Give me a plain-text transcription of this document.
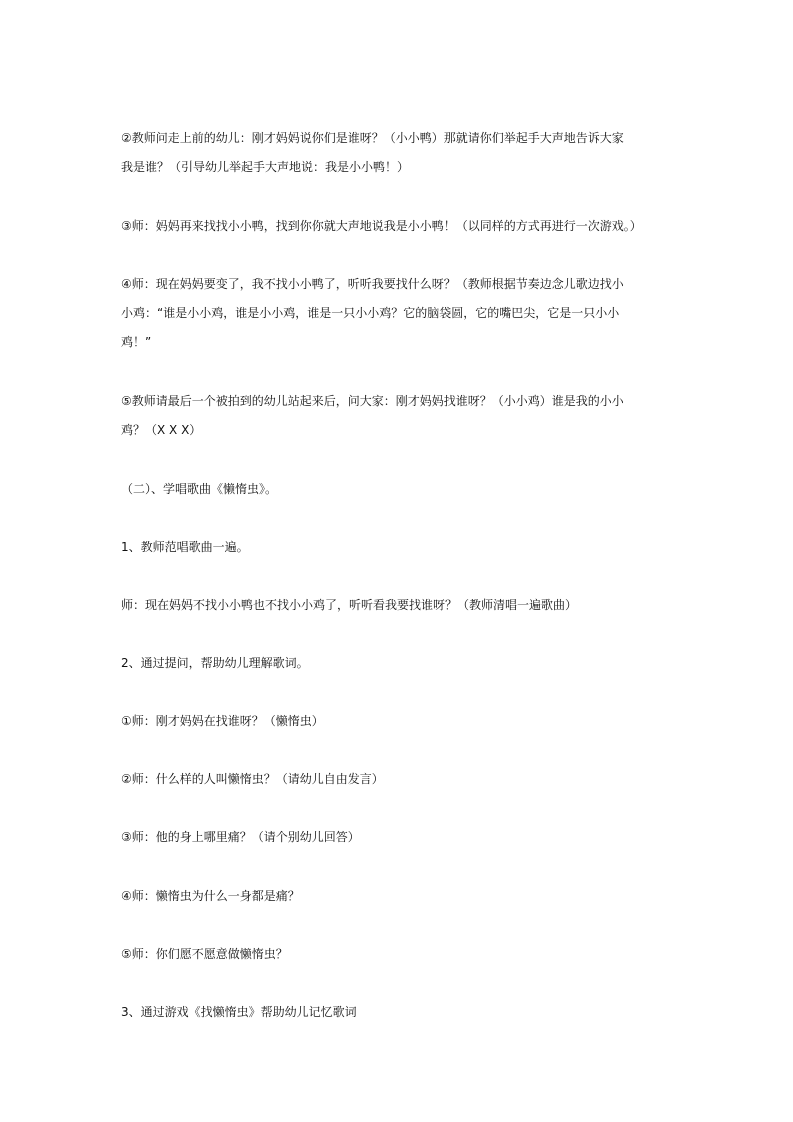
②教师问走上前的幼儿：刚才妈妈说你们是谁呀？（小小鸭）那就请你们举起手大声地告诉大家
我是谁？（引导幼儿举起手大声地说：我是小小鸭！）

③师：妈妈再来找找小小鸭，找到你你就大声地说我是小小鸭！（以同样的方式再进行一次游戏。）

④师：现在妈妈要变了，我不找小小鸭了，听听我要找什么呀？（教师根据节奏边念儿歌边找小
小鸡：“谁是小小鸡，谁是小小鸡，谁是一只小小鸡？它的脑袋圆，它的嘴巴尖，它是一只小小
鸡！”

⑤教师请最后一个被拍到的幼儿站起来后，问大家：刚才妈妈找谁呀？（小小鸡）谁是我的小小
鸡？（X X X）

（二）、学唱歌曲《懒惰虫》。

1、教师范唱歌曲一遍。

师：现在妈妈不找小小鸭也不找小小鸡了，听听看我要找谁呀？（教师清唱一遍歌曲）

2、通过提问，帮助幼儿理解歌词。

①师：刚才妈妈在找谁呀？（懒惰虫）

②师：什么样的人叫懒惰虫？（请幼儿自由发言）

③师：他的身上哪里痛？（请个别幼儿回答）

④师：懒惰虫为什么一身都是痛？

⑤师：你们愿不愿意做懒惰虫？

3、通过游戏《找懒惰虫》帮助幼儿记忆歌词
